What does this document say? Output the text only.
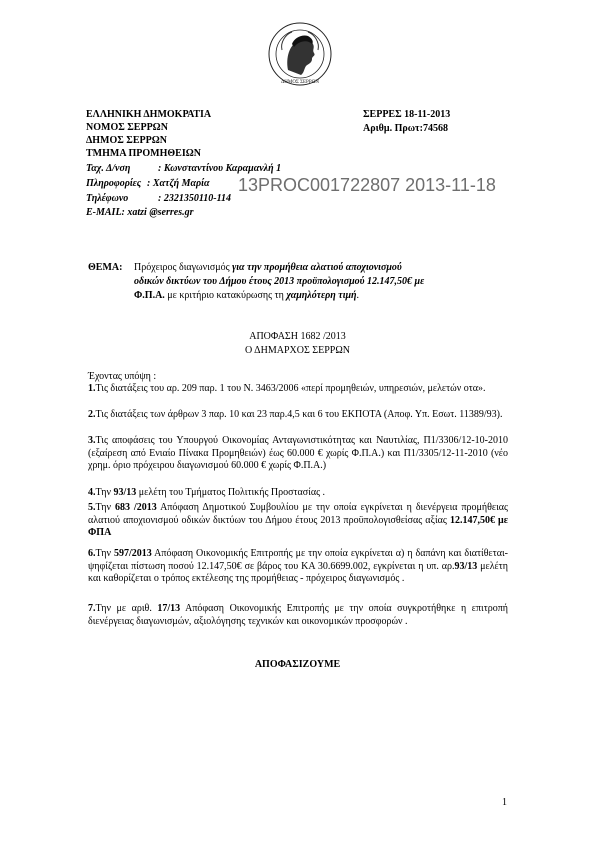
ΔΗΜΟΣ ΣΕΡΡΩΝ
ΕΛΛΗΝΙΚΗ ΔΗΜΟΚΡΑΤΙΑ
ΝΟΜΟΣ ΣΕΡΡΩΝ
ΔΗΜΟΣ ΣΕΡΡΩΝ
ΤΜΗΜΑ ΠΡΟΜΗΘΕΙΩΝ
Ταχ. Δ/νση	: Κωνσταντίνου Καραμανλή 1
Πληροφορίες : Χατζή Μαρία
Τηλέφωνο	: 2321350110-114
E-MAIL: xatzi @serres.gr
ΣΕΡΡΕΣ 18-11-2013
Αριθμ. Πρωτ:74568
13PROC001722807 2013-11-18
ΘΕΜΑ: Πρόχειρος διαγωνισμός για την προμήθεια αλατιού αποχιονισμού
οδικών δικτύων του Δήμου έτους 2013 προϋπολογισμού 12.147,50€ με
Φ.Π.Α. με κριτήριο κατακύρωσης τη χαμηλότερη τιμή.
ΑΠΟΦΑΣΗ 1682 /2013
Ο ΔΗΜΑΡΧΟΣ ΣΕΡΡΩΝ
Έχοντας υπόψη :
1.Τις διατάξεις του αρ. 209 παρ. 1 του Ν. 3463/2006 «περί προμηθειών, υπηρεσιών, μελετών οτα».
2.Τις διατάξεις των άρθρων 3 παρ. 10 και 23 παρ.4,5 και 6 του ΕΚΠΟΤΑ (Αποφ. Υπ. Εσωτ. 11389/93).
3.Τις αποφάσεις του Υπουργού Οικονομίας Ανταγωνιστικότητας και Ναυτιλίας, Π1/3306/12-10-2010 (εξαίρεση από Ενιαίο Πίνακα Προμηθειών) έως 60.000 € χωρίς Φ.Π.Α.) και Π1/3305/12-11-2010 (νέο χρημ. όριο πρόχειρου διαγωνισμού 60.000 € χωρίς Φ.Π.Α.)
4.Την 93/13 μελέτη του Τμήματος Πολιτικής Προστασίας .
5.Την 683 /2013 Απόφαση Δημοτικού Συμβουλίου με την οποία εγκρίνεται η διενέργεια προμήθειας αλατιού αποχιονισμού οδικών δικτύων του Δήμου έτους 2013 προϋπολογισθείσας αξίας 12.147,50€ με ΦΠΑ
6.Την 597/2013 Απόφαση Οικονομικής Επιτροπής με την οποία εγκρίνεται α) η δαπάνη και διατίθεται-ψηφίζεται πίστωση ποσού 12.147,50€ σε βάρος του ΚΑ 30.6699.002, εγκρίνεται η υπ. αρ.93/13 μελέτη και καθορίζεται ο τρόπος εκτέλεσης της προμήθειας - πρόχειρος διαγωνισμός .
7.Την με αριθ. 17/13 Απόφαση Οικονομικής Επιτροπής με την οποία συγκροτήθηκε η επιτροπή διενέργειας διαγωνισμών, αξιολόγησης τεχνικών και οικονομικών προσφορών .
ΑΠΟΦΑΣΙΖΟΥΜΕ
1
